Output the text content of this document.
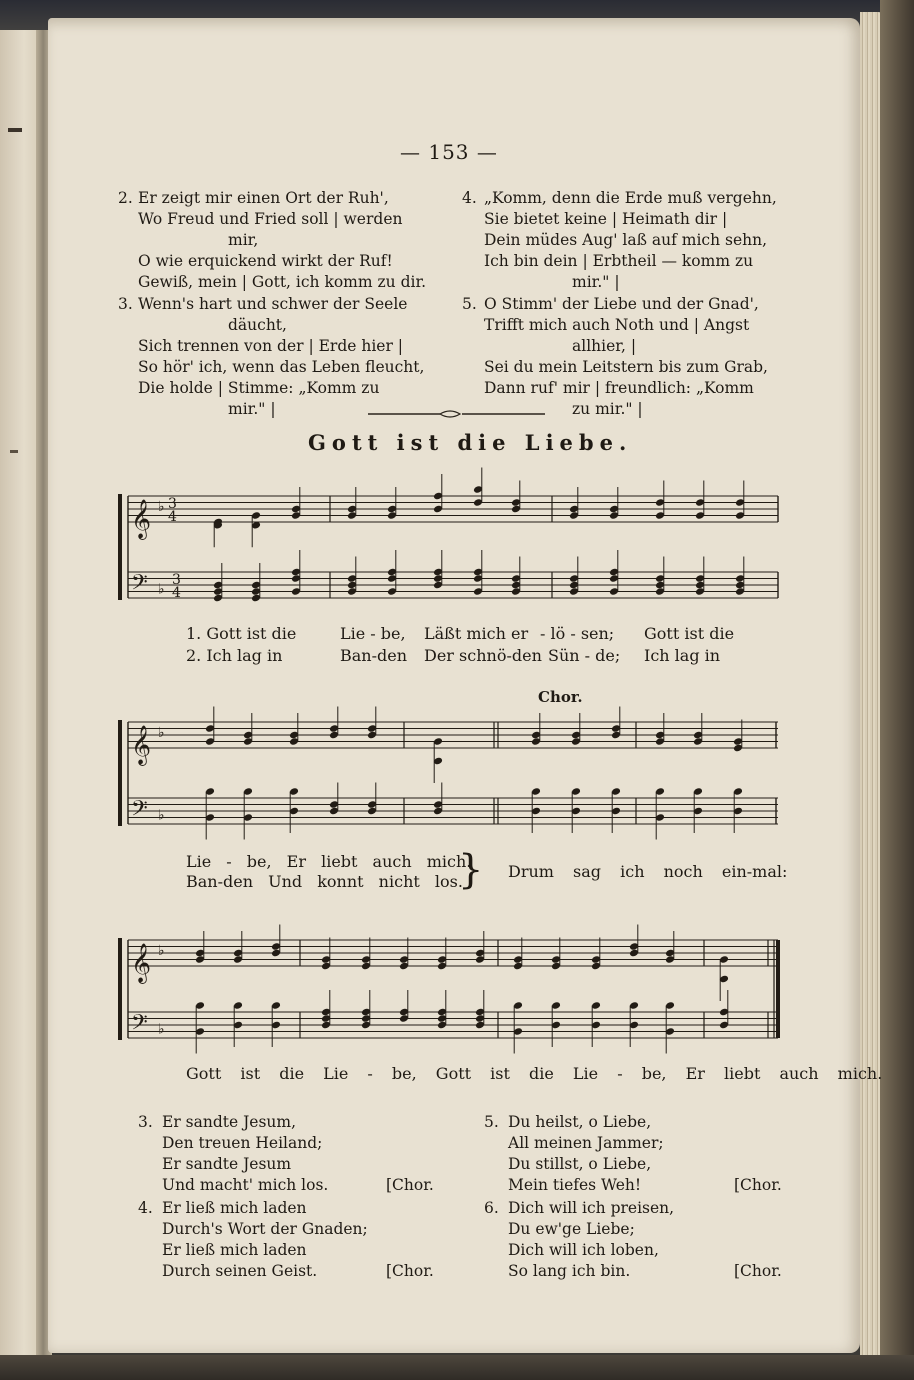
— 153 —
2. Er zeigt mir einen Ort der Ruh',
Wo Freud und Fried soll | werden
mir,
O wie erquickend wirkt der Ruf!
Gewiß, mein | Gott, ich komm zu dir.
3. Wenn's hart und schwer der Seele
däucht,
Sich trennen von der | Erde hier |
So hör' ich, wenn das Leben fleucht,
Die holde | Stimme: „Komm zu
mir." |
4. „Komm, denn die Erde muß vergehn,
Sie bietet keine | Heimath dir |
Dein müdes Aug' laß auf mich sehn,
Ich bin dein | Erbtheil — komm zu
mir." |
5. O Stimm' der Liebe und der Gnad',
Trifft mich auch Noth und | Angst
allhier, |
Sei du mein Leitstern bis zum Grab,
Dann ruf' mir | freundlich: „Komm
zu mir." |
Gott ist die Liebe.
𝄞
𝄢
♭
♭
3
4
3
4
𝄞
𝄢
♭
♭
𝄞
𝄢
♭
♭
1. Gott ist die	Lie - be, Läßt mich er - lö - sen; Gott ist die
2. Ich lag in	Ban-den Der schnö-den Sün - de; Ich lag in
Chor.
Lie - be, Er liebt auch mich.
Ban-den Und konnt nicht los.
} Drum sag ich noch ein-mal:
Gott ist die Lie - be, Gott ist die Lie - be, Er liebt auch mich.
3. Er sandte Jesum,
Den treuen Heiland;
Er sandte Jesum
Und macht' mich los.	[Chor.
4. Er ließ mich laden
Durch's Wort der Gnaden;
Er ließ mich laden
Durch seinen Geist.	[Chor.
5. Du heilst, o Liebe,
All meinen Jammer;
Du stillst, o Liebe,
Mein tiefes Weh!	[Chor.
6. Dich will ich preisen,
Du ew'ge Liebe;
Dich will ich loben,
So lang ich bin.	[Chor.
